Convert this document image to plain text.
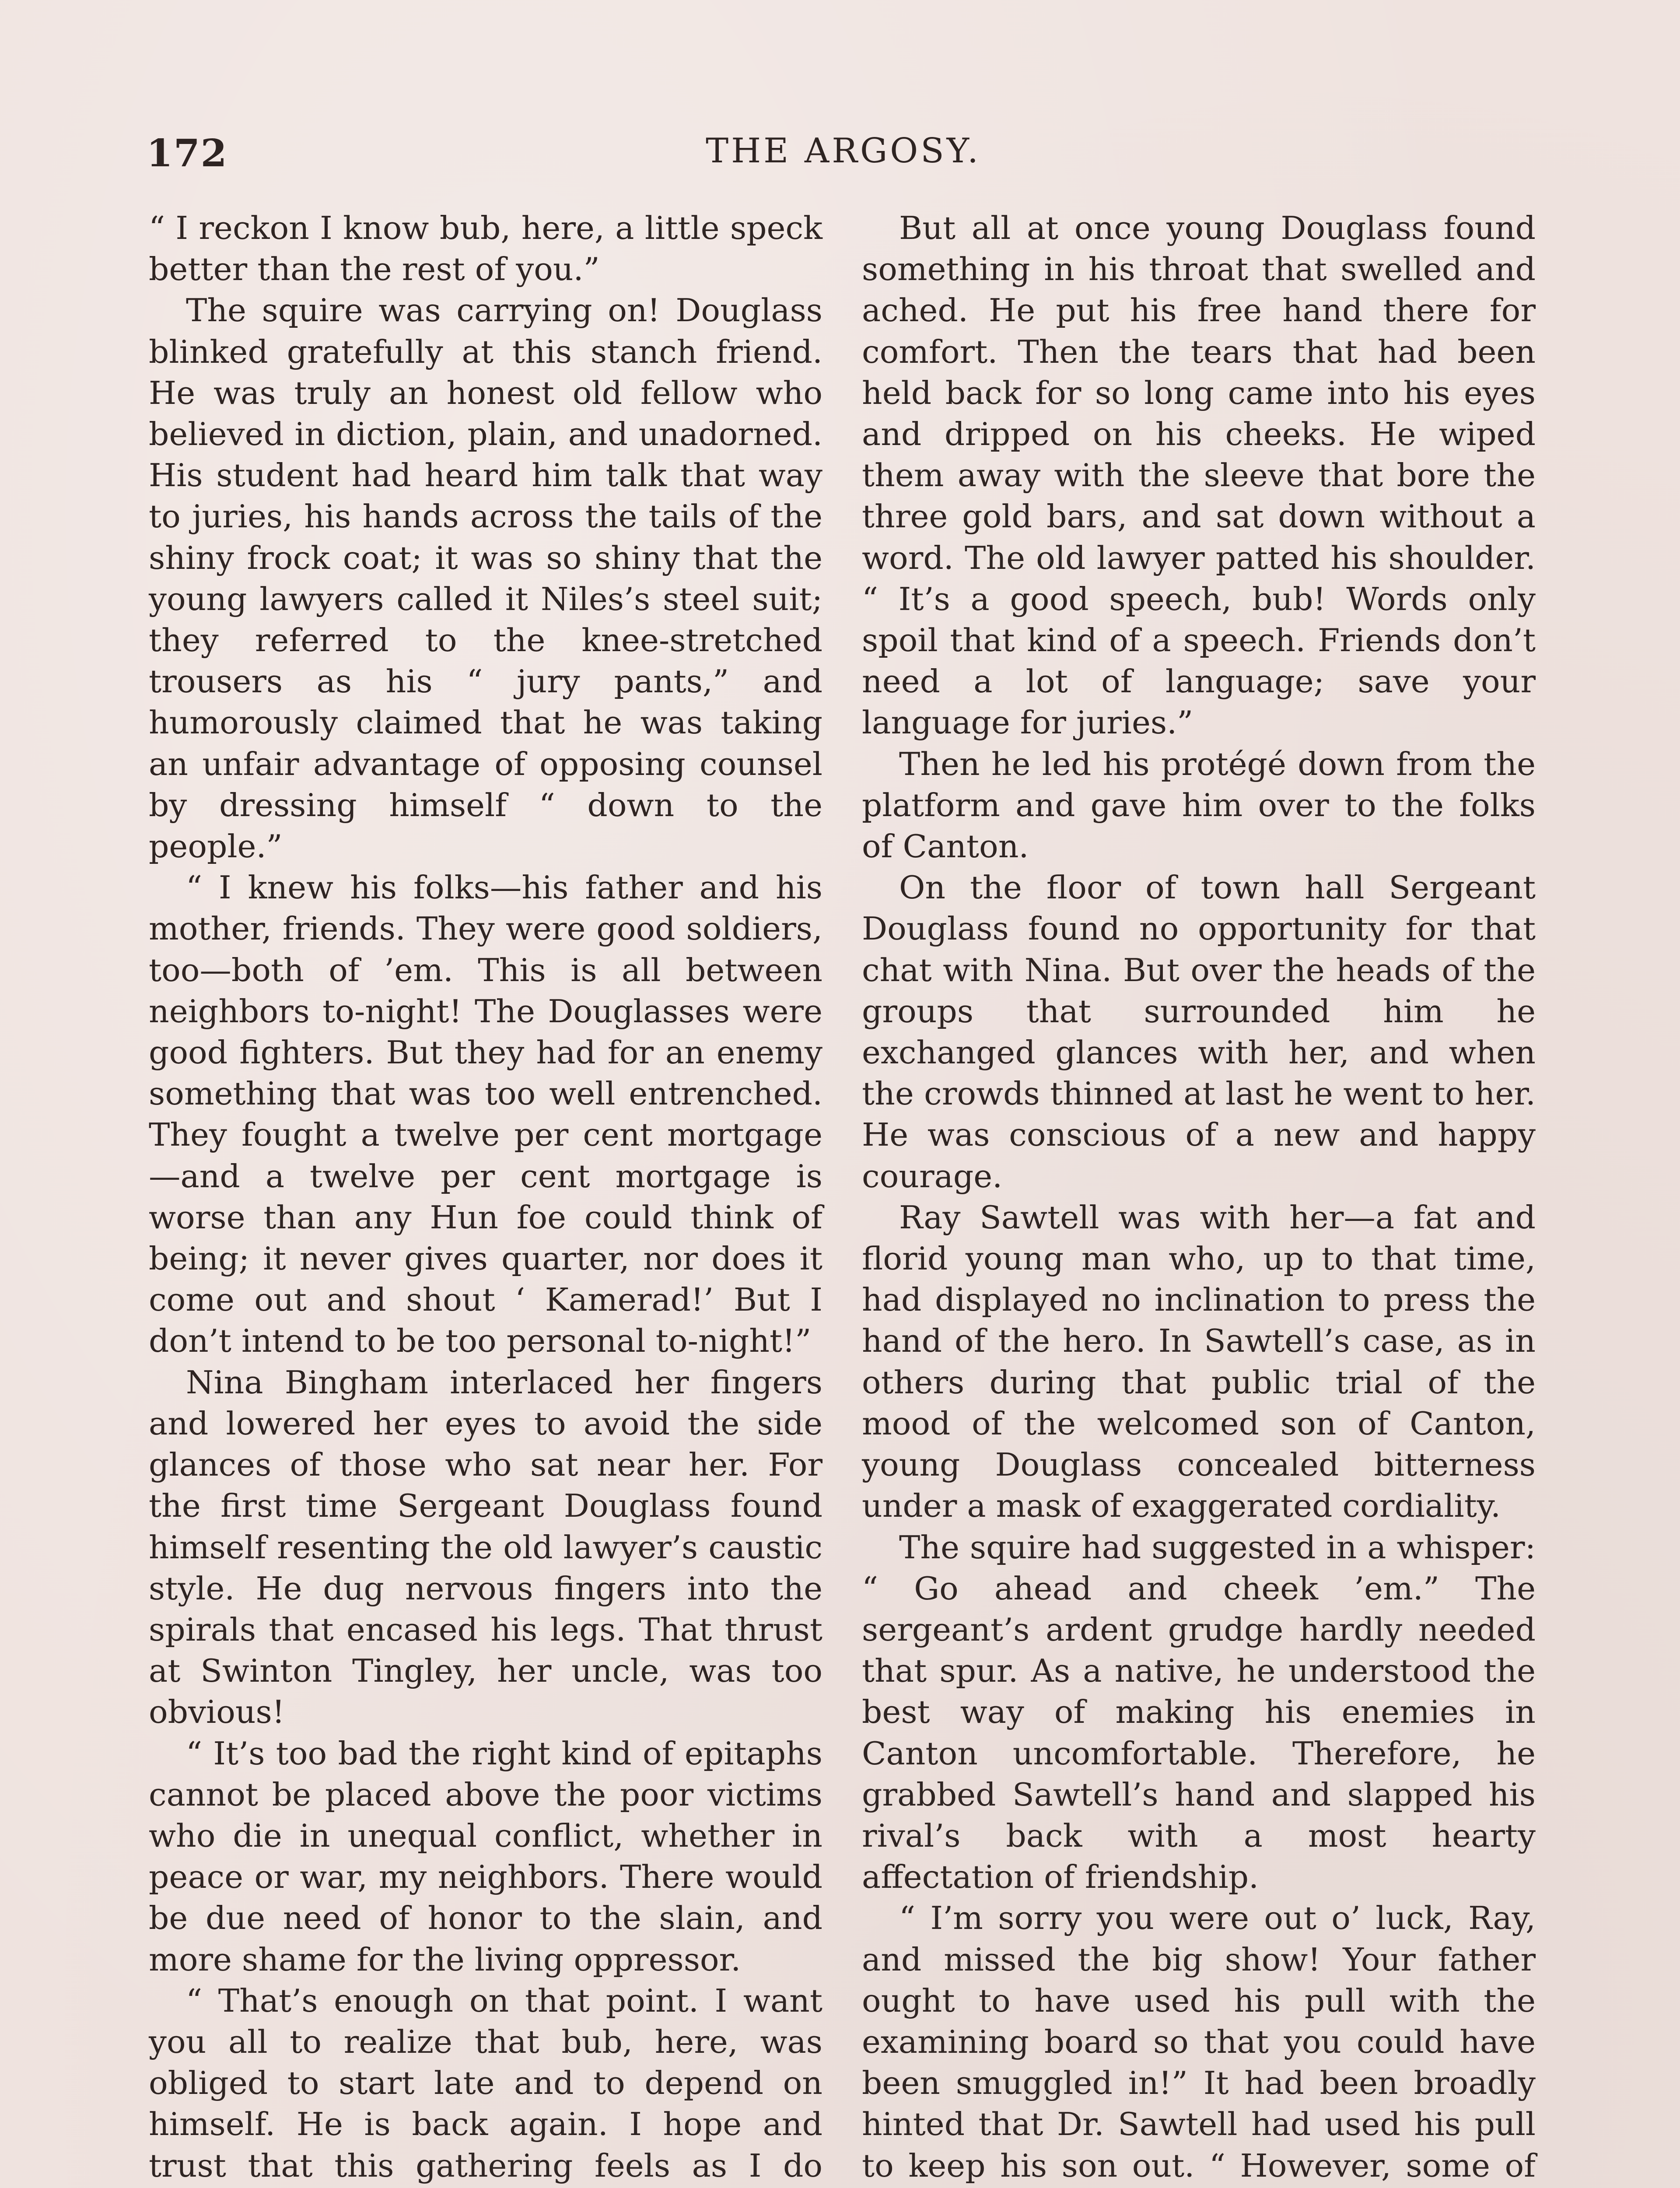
172	THE ARGOSY.

“ I reckon I know bub, here, a little speck better than the rest of you.”

The squire was carrying on! Douglass blinked gratefully at this stanch friend. He was truly an honest old fellow who believed in diction, plain, and unadorned. His student had heard him talk that way to juries, his hands across the tails of the shiny frock coat; it was so shiny that the young lawyers called it Niles’s steel suit; they referred to the knee-stretched trousers as his “ jury pants,” and humorously claimed that he was taking an unfair advantage of opposing counsel by dressing himself “ down to the people.”

“ I knew his folks—his father and his mother, friends. They were good soldiers, too—both of ’em. This is all between neighbors to-night! The Douglasses were good fighters. But they had for an enemy something that was too well entrenched. They fought a twelve per cent mortgage—and a twelve per cent mortgage is worse than any Hun foe could think of being; it never gives quarter, nor does it come out and shout ‘ Kamerad!’ But I don’t intend to be too personal to-night!”

Nina Bingham interlaced her fingers and lowered her eyes to avoid the side glances of those who sat near her. For the first time Sergeant Douglass found himself resenting the old lawyer’s caustic style. He dug nervous fingers into the spirals that encased his legs. That thrust at Swinton Tingley, her uncle, was too obvious!

“ It’s too bad the right kind of epitaphs cannot be placed above the poor victims who die in unequal conflict, whether in peace or war, my neighbors. There would be due need of honor to the slain, and more shame for the living oppressor.

“ That’s enough on that point. I want you all to realize that bub, here, was obliged to start late and to depend on himself. He is back again. I hope and trust that this gathering feels as I do

But all at once young Douglass found something in his throat that swelled and ached. He put his free hand there for comfort. Then the tears that had been held back for so long came into his eyes and dripped on his cheeks. He wiped them away with the sleeve that bore the three gold bars, and sat down without a word. The old lawyer patted his shoulder. “ It’s a good speech, bub! Words only spoil that kind of a speech. Friends don’t need a lot of language; save your language for juries.”

Then he led his protégé down from the platform and gave him over to the folks of Canton.

On the floor of town hall Sergeant Douglass found no opportunity for that chat with Nina. But over the heads of the groups that surrounded him he exchanged glances with her, and when the crowds thinned at last he went to her. He was conscious of a new and happy courage.

Ray Sawtell was with her—a fat and florid young man who, up to that time, had displayed no inclination to press the hand of the hero. In Sawtell’s case, as in others during that public trial of the mood of the welcomed son of Canton, young Douglass concealed bitterness under a mask of exaggerated cordiality.

The squire had suggested in a whisper: “ Go ahead and cheek ’em.” The sergeant’s ardent grudge hardly needed that spur. As a native, he understood the best way of making his enemies in Canton uncomfortable. Therefore, he grabbed Sawtell’s hand and slapped his rival’s back with a most hearty affectation of friendship.

“ I’m sorry you were out o’ luck, Ray, and missed the big show! Your father ought to have used his pull with the examining board so that you could have been smuggled in!” It had been broadly hinted that Dr. Sawtell had used his pull to keep his son out. “ However, some of
